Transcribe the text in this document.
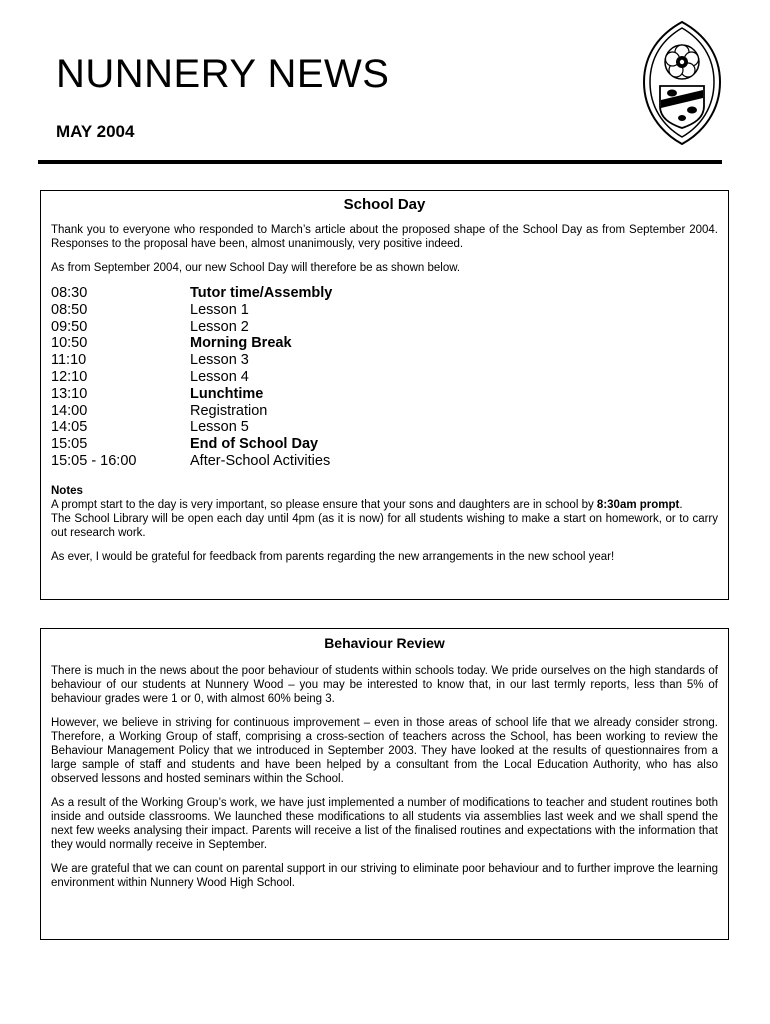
NUNNERY NEWS
MAY 2004
School Day

Thank you to everyone who responded to March’s article about the proposed shape of the School Day as from September 2004. Responses to the proposal have been, almost unanimously, very positive indeed.

As from September 2004, our new School Day will therefore be as shown below.

08:30	Tutor time/Assembly
08:50	Lesson 1
09:50	Lesson 2
10:50	Morning Break
11:10	Lesson 3
12:10	Lesson 4
13:10	Lunchtime
14:00	Registration
14:05	Lesson 5
15:05	End of School Day
15:05 - 16:00	After-School Activities

Notes

A prompt start to the day is very important, so please ensure that your sons and daughters are in school by 8:30am prompt.

The School Library will be open each day until 4pm (as it is now) for all students wishing to make a start on homework, or to carry out research work.

As ever, I would be grateful for feedback from parents regarding the new arrangements in the new school year!

Behaviour Review

There is much in the news about the poor behaviour of students within schools today. We pride ourselves on the high standards of behaviour of our students at Nunnery Wood – you may be interested to know that, in our last termly reports, less than 5% of behaviour grades were 1 or 0, with almost 60% being 3.

However, we believe in striving for continuous improvement – even in those areas of school life that we already consider strong. Therefore, a Working Group of staff, comprising a cross-section of teachers across the School, has been working to review the Behaviour Management Policy that we introduced in September 2003. They have looked at the results of questionnaires from a large sample of staff and students and have been helped by a consultant from the Local Education Authority, who has also observed lessons and hosted seminars within the School.

As a result of the Working Group’s work, we have just implemented a number of modifications to teacher and student routines both inside and outside classrooms. We launched these modifications to all students via assemblies last week and we shall spend the next few weeks analysing their impact. Parents will receive a list of the finalised routines and expectations with the information that they would normally receive in September.

We are grateful that we can count on parental support in our striving to eliminate poor behaviour and to further improve the learning environment within Nunnery Wood High School.
